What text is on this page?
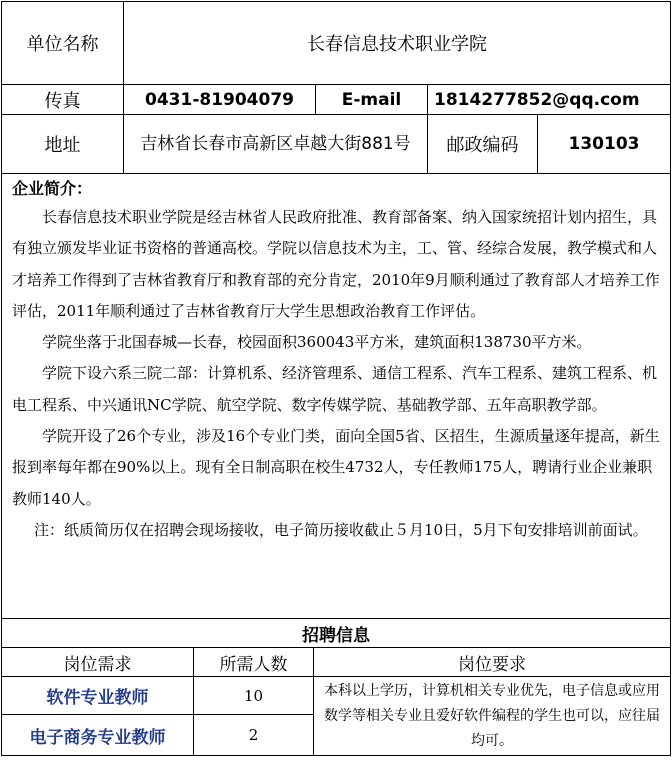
单位名称	长春信息技术职业学院
传真	0431-81904079	E-mail	1814277852@qq.com
地址	吉林省长春市高新区卓越大街881号	邮政编码	130103

企业简介：

长春信息技术职业学院是经吉林省人民政府批准、教育部备案、纳入国家统招计划内招生，具有独立颁发毕业证书资格的普通高校。学院以信息技术为主，工、管、经综合发展，教学模式和人才培养工作得到了吉林省教育厅和教育部的充分肯定，2010年9月顺利通过了教育部人才培养工作评估，2011年顺利通过了吉林省教育厅大学生思想政治教育工作评估。

学院坐落于北国春城—长春，校园面积360043平方米，建筑面积138730平方米。

学院下设六系三院二部：计算机系、经济管理系、通信工程系、汽车工程系、建筑工程系、机电工程系、中兴通讯NC学院、航空学院、数字传媒学院、基础教学部、五年高职教学部。

学院开设了26个专业，涉及16个专业门类，面向全国5省、区招生，生源质量逐年提高，新生报到率每年都在90%以上。现有全日制高职在校生4732人，专任教师175人，聘请行业企业兼职教师140人。

注：纸质简历仅在招聘会现场接收，电子简历接收截止５月10日，5月下旬安排培训前面试。

招聘信息
岗位需求	所需人数	岗位要求
软件专业教师	10
电子商务专业教师	2
本科以上学历，计算机相关专业优先，电子信息或应用数学等相关专业且爱好软件编程的学生也可以，应往届均可。
